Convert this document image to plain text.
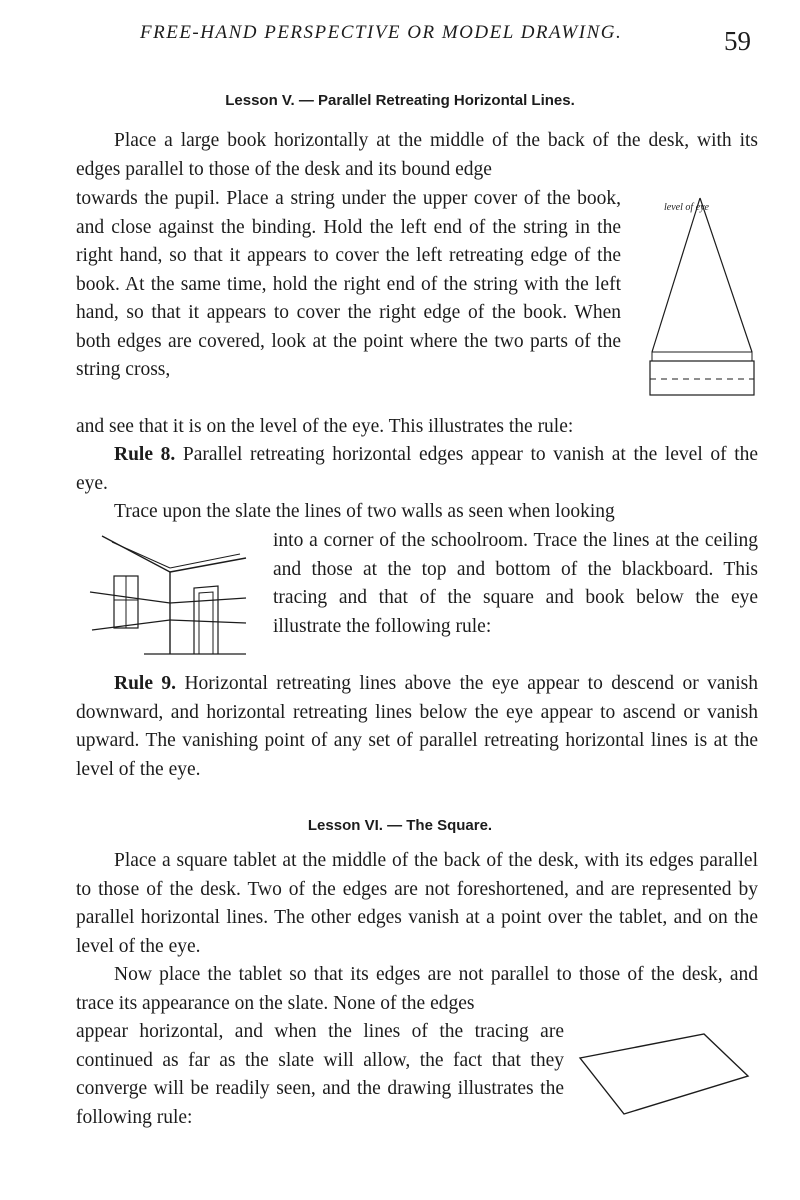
FREE-HAND PERSPECTIVE OR MODEL DRAWING.	59
Lesson V. — Parallel Retreating Horizontal Lines.

Place a large book horizontally at the middle of the back of the desk, with its edges parallel to those of the desk and its bound edge

towards the pupil. Place a string under the upper cover of the book, and close against the binding. Hold the left end of the string in the right hand, so that it appears to cover the left retreating edge of the book. At the same time, hold the right end of the string with the left hand, so that it appears to cover the right edge of the book. When both edges are covered, look at the point where the two parts of the string cross,

level of eye

and see that it is on the level of the eye. This illustrates the rule:

Rule 8. Parallel retreating horizontal edges appear to vanish at the level of the eye.

Trace upon the slate the lines of two walls as seen when looking

into a corner of the schoolroom. Trace the lines at the ceiling and those at the top and bottom of the blackboard. This tracing and that of the square and book below the eye illustrate the following rule:

Rule 9. Horizontal retreating lines above the eye appear to descend or vanish downward, and horizontal retreating lines below the eye appear to ascend or vanish upward. The vanishing point of any set of parallel retreating horizontal lines is at the level of the eye.

Lesson VI. — The Square.

Place a square tablet at the middle of the back of the desk, with its edges parallel to those of the desk. Two of the edges are not foreshortened, and are represented by parallel horizontal lines. The other edges vanish at a point over the tablet, and on the level of the eye.

Now place the tablet so that its edges are not parallel to those of the desk, and trace its appearance on the slate. None of the edges

appear horizontal, and when the lines of the tracing are continued as far as the slate will allow, the fact that they converge will be readily seen, and the drawing illustrates the following rule:
